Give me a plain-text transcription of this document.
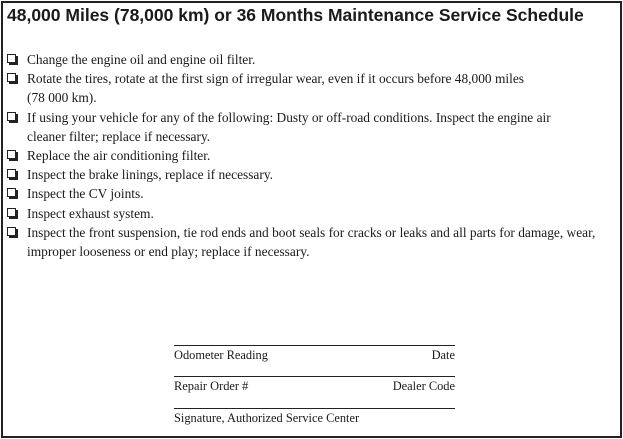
48,000 Miles (78,000 km) or 36 Months Maintenance Service Schedule
Change the engine oil and engine oil filter.
Rotate the tires, rotate at the first sign of irregular wear, even if it occurs before 48,000 miles (78 000 km).
If using your vehicle for any of the following: Dusty or off-road conditions. Inspect the engine air cleaner filter; replace if necessary.
Replace the air conditioning filter.
Inspect the brake linings, replace if necessary.
Inspect the CV joints.
Inspect exhaust system.
Inspect the front suspension, tie rod ends and boot seals for cracks or leaks and all parts for damage, wear, improper looseness or end play; replace if necessary.
Odometer Reading	Date
Repair Order #	Dealer Code
Signature, Authorized Service Center
